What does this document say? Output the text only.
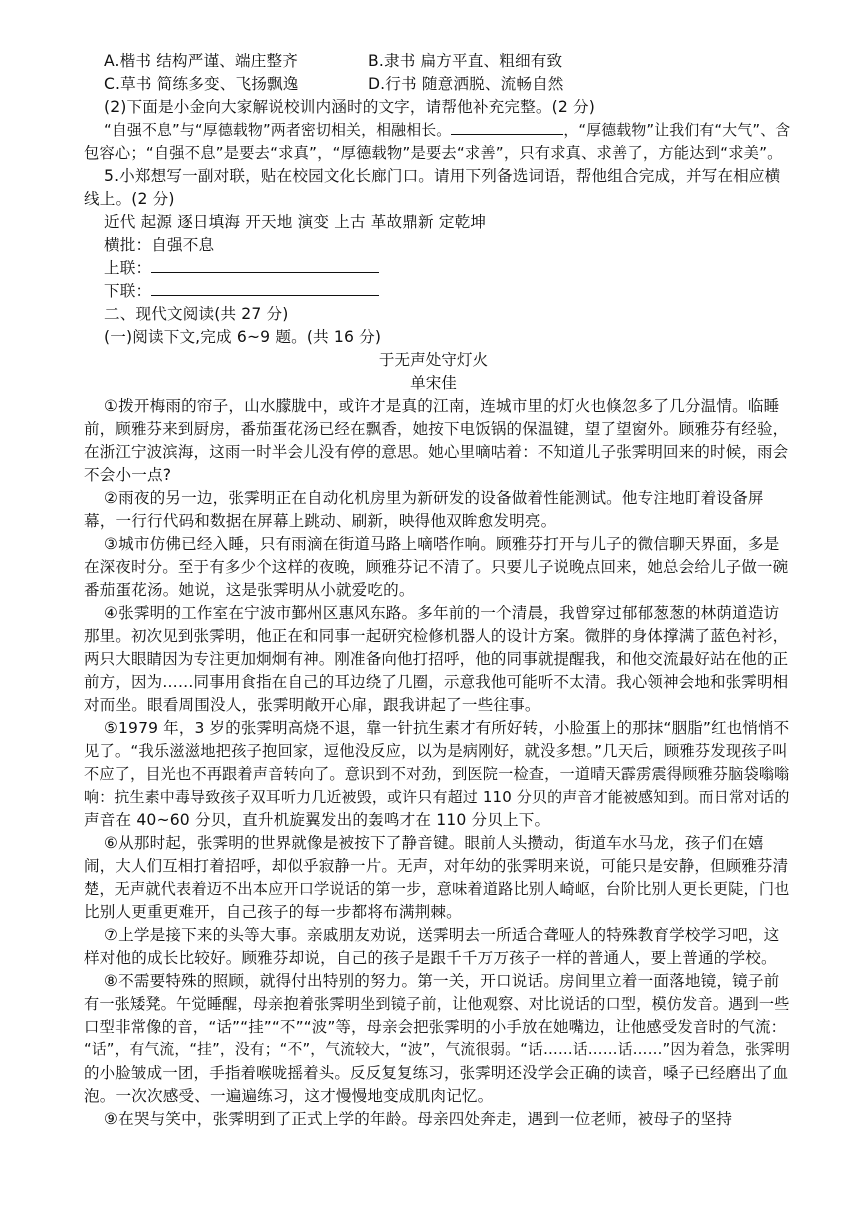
A.楷书 结构严谨、端庄整齐	B.隶书 扁方平直、粗细有致
C.草书 简练多变、飞扬飘逸	D.行书 随意洒脱、流畅自然
(2)下面是小金向大家解说校训内涵时的文字，请帮他补充完整。(2 分)
“自强不息”与“厚德载物”两者密切相关，相融相长。	，“厚德载物”让我们有“大气”、含
包容心；“自强不息”是要去“求真”，“厚德载物”是要去“求善”，只有求真、求善了，方能达到“求美”。
5.小郑想写一副对联，贴在校园文化长廊门口。请用下列备选词语，帮他组合完成，并写在相应横
线上。(2 分)
近代 起源 逐日填海 开天地 演变 上古 革故鼎新 定乾坤
横批：自强不息
上联：
下联：
二、现代文阅读(共 27 分)
(一)阅读下文,完成 6~9 题。(共 16 分)
于无声处守灯火
单宋佳
①拨开梅雨的帘子，山水朦胧中，或许才是真的江南，连城市里的灯火也倏忽多了几分温情。临睡
前，顾雅芬来到厨房，番茄蛋花汤已经在飘香，她按下电饭锅的保温键，望了望窗外。顾雅芬有经验，
在浙江宁波滨海，这雨一时半会儿没有停的意思。她心里嘀咕着：不知道儿子张霁明回来的时候，雨会
不会小一点?
②雨夜的另一边，张霁明正在自动化机房里为新研发的设备做着性能测试。他专注地盯着设备屏
幕，一行行代码和数据在屏幕上跳动、刷新，映得他双眸愈发明亮。
③城市仿佛已经入睡，只有雨滴在街道马路上嘀嗒作响。顾雅芬打开与儿子的微信聊天界面，多是
在深夜时分。至于有多少个这样的夜晚，顾雅芬记不清了。只要儿子说晚点回来，她总会给儿子做一碗
番茄蛋花汤。她说，这是张霁明从小就爱吃的。
④张霁明的工作室在宁波市鄞州区惠风东路。多年前的一个清晨，我曾穿过郁郁葱葱的林荫道造访
那里。初次见到张霁明，他正在和同事一起研究检修机器人的设计方案。微胖的身体撑满了蓝色衬衫，
两只大眼睛因为专注更加炯炯有神。刚准备向他打招呼，他的同事就提醒我，和他交流最好站在他的正
前方，因为……同事用食指在自己的耳边绕了几圈，示意我他可能听不太清。我心领神会地和张霁明相
对而坐。眼看周围没人，张霁明敞开心扉，跟我讲起了一些往事。
⑤1979 年，3 岁的张霁明高烧不退，靠一针抗生素才有所好转，小脸蛋上的那抹“胭脂”红也悄悄不
见了。“我乐滋滋地把孩子抱回家，逗他没反应，以为是病刚好，就没多想。”几天后，顾雅芬发现孩子叫
不应了，目光也不再跟着声音转向了。意识到不对劲，到医院一检查，一道晴天霹雳震得顾雅芬脑袋嗡嗡
响：抗生素中毒导致孩子双耳听力几近被毁，或许只有超过 110 分贝的声音才能被感知到。而日常对话的
声音在 40~60 分贝，直升机旋翼发出的轰鸣才在 110 分贝上下。
⑥从那时起，张霁明的世界就像是被按下了静音键。眼前人头攒动，街道车水马龙，孩子们在嬉
闹，大人们互相打着招呼，却似乎寂静一片。无声，对年幼的张霁明来说，可能只是安静，但顾雅芬清
楚，无声就代表着迈不出本应开口学说话的第一步，意味着道路比别人崎岖，台阶比别人更长更陡，门也
比别人更重更难开，自己孩子的每一步都将布满荆棘。
⑦上学是接下来的头等大事。亲戚朋友劝说，送霁明去一所适合聋哑人的特殊教育学校学习吧，这
样对他的成长比较好。顾雅芬却说，自己的孩子是跟千千万万孩子一样的普通人，要上普通的学校。
⑧不需要特殊的照顾，就得付出特别的努力。第一关，开口说话。房间里立着一面落地镜，镜子前
有一张矮凳。午觉睡醒，母亲抱着张霁明坐到镜子前，让他观察、对比说话的口型，模仿发音。遇到一些
口型非常像的音，“话”“挂”“不”“波”等，母亲会把张霁明的小手放在她嘴边，让他感受发音时的气流：
“话”，有气流，“挂”，没有；“不”，气流较大，“波”，气流很弱。“话……话……话……”因为着急，张霁明
的小脸皱成一团，手指着喉咙摇着头。反反复复练习，张霁明还没学会正确的读音，嗓子已经磨出了血
泡。一次次感受、一遍遍练习，这才慢慢地变成肌肉记忆。
⑨在哭与笑中，张霁明到了正式上学的年龄。母亲四处奔走，遇到一位老师，被母子的坚持
